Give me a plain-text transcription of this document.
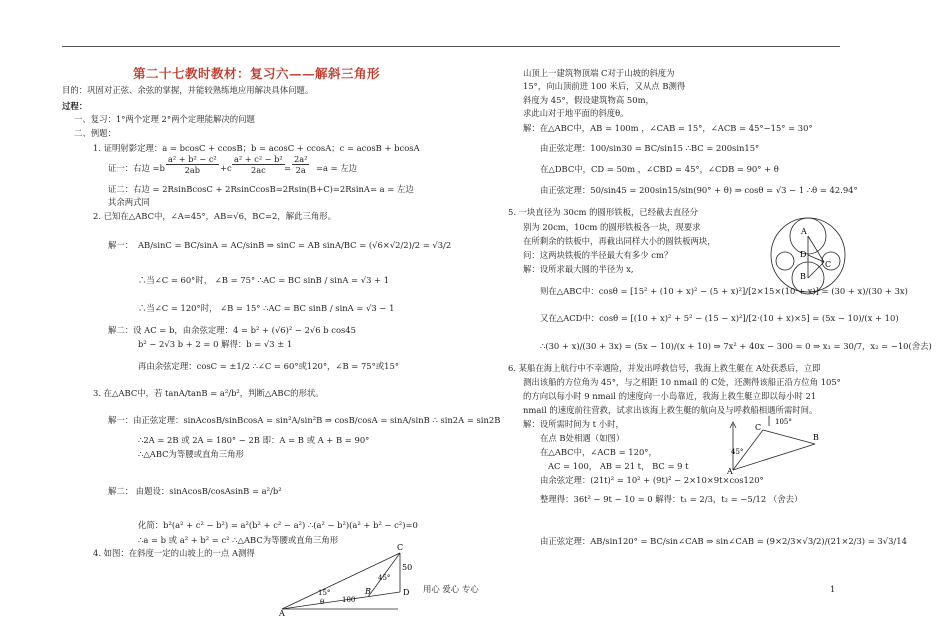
第二十七教时教材：复习六——解斜三角形
目的：巩固对正弦、余弦的掌握，并能较熟练地应用解决具体问题。
过程：
一、复习：1°两个定理 2°两个定理能解决的问题
二、例题：
1. 证明射影定理：a = bcosC + ccosB；b = acosC + ccosA；c = acosB + bcosA
证一：右边 $=b \frac{\text{a² + b² − c²}}{2ab} +c \frac{\text{a² + c² − b²}}{2ac} = \frac{\text{2a²}}{2a} =a$ = 左边
证二：右边 = 2RsinBcosC + 2RsinCcosB=2Rsin(B+C)=2RsinA= a = 左边
其余两式同
2. 已知在△ABC中，∠A=45°，AB=√6，BC=2，解此三角形。
解一： AB/sinC = BC/sinA = AC/sinB ⇒ sinC = AB sinA/BC = (√6×√2/2)/2 = √3/2
∴当∠C = 60°时， ∠B = 75° ∴AC = BC sinB / sinA = √3 + 1
∴当∠C = 120°时， ∠B = 15° ∴AC = BC sinB / sinA = √3 − 1
解二：设 AC = b，由余弦定理：4 = b² + (√6)² − 2√6 b cos45
b² − 2√3 b + 2 = 0 解得：b = √3 ± 1
再由余弦定理：cosC = ±1/2 ∴∠C = 60°或120°，∠B = 75°或15°
3. 在△ABC中，若 tanA/tanB = a²/b²，判断△ABC的形状。
解一：由正弦定理：sinAcosB/sinBcosA = sin²A/sin²B ⇒ cosB/cosA = sinA/sinB ∴ sin2A = sin2B
∴2A = 2B 或 2A = 180° − 2B 即：A = B 或 A + B = 90°
∴△ABC为等腰或直角三角形
解二： 由题设：sinAcosB/cosAsinB = a²/b²
化简：b²(a² + c² − b²) = a²(b² + c² − a²) ∴(a² − b²)(a² + b² − c²)=0
∴a = b 或 a² + b² = c² ∴△ABC为等腰或直角三角形
4. 如图：在斜度一定的山坡上的一点 A测得
C
50
45°
B	D
15°
100
θ
A
山顶上一建筑物顶端 C对于山坡的斜度为
15°，向山顶前进 100 米后，又从点 B测得
斜度为 45°，假设建筑物高 50m，
求此山对于地平面的斜度θ。
解：在△ABC中，AB = 100m ，∠CAB = 15°，∠ACB = 45°−15° = 30°
由正弦定理：100/sin30 = BC/sin15 ∴BC = 200sin15°
在△DBC中，CD = 50m ，∠CBD = 45°，∠CDB = 90° + θ
由正弦定理：50/sin45 = 200sin15/sin(90° + θ) ⇒ cosθ = √3 − 1 ∴θ = 42.94°
5. 一块直径为 30cm 的圆形铁板，已经截去直径分
别为 20cm，10cm 的圆形铁板各一块，现要求
在所剩余的铁板中，再截出同样大小的圆铁板两块，
问：这两块铁板的半径最大有多少 cm？
解：设所求最大圆的半径为 x,
则在△ABC中：cosθ = [15² + (10 + x)² − (5 + x)²]/[2×15×(10 + x)] = (30 + x)/(30 + 3x)
又在△ACD中：cosθ = [(10 + x)² + 5² − (15 − x)²]/[2·(10 + x)×5] = (5x − 10)/(x + 10)
∴(30 + x)/(30 + 3x) = (5x − 10)/(x + 10) ⇒ 7x² + 40x − 300 = 0 ⇒ x₁ = 30/7，x₂ = −10(舍去)
A
D
C
B
6. 某船在海上航行中不幸遇险，并发出呼救信号，我海上救生艇在 A处获悉后，立即
测出该船的方位角为 45°，与之相距 10 nmail 的 C处，还测得该船正沿方位角 105°
的方向以每小时 9 nmail 的速度向一小岛靠近，我海上救生艇立即以每小时 21
nmail 的速度前往营救，试求出该海上救生艇的航向及与呼救船相遇所需时间。
解：设所需时间为 t 小时，
在点 B处相遇（如图）
在△ABC中，∠ACB = 120°，
AC = 100， AB = 21 t， BC = 9 t
由余弦定理：(21t)² = 10² + (9t)² − 2×10×9t×cos120°
整理得：36t² − 9t − 10 = 0 解得：t₁ = 2/3，t₂ = −5/12 （舍去）
由正弦定理：AB/sin120° = BC/sin∠CAB ⇒ sin∠CAB = (9×2/3×√3/2)/(21×2/3) = 3√3/14
C
105°
B
45°
A
用心 爱心 专心	1
